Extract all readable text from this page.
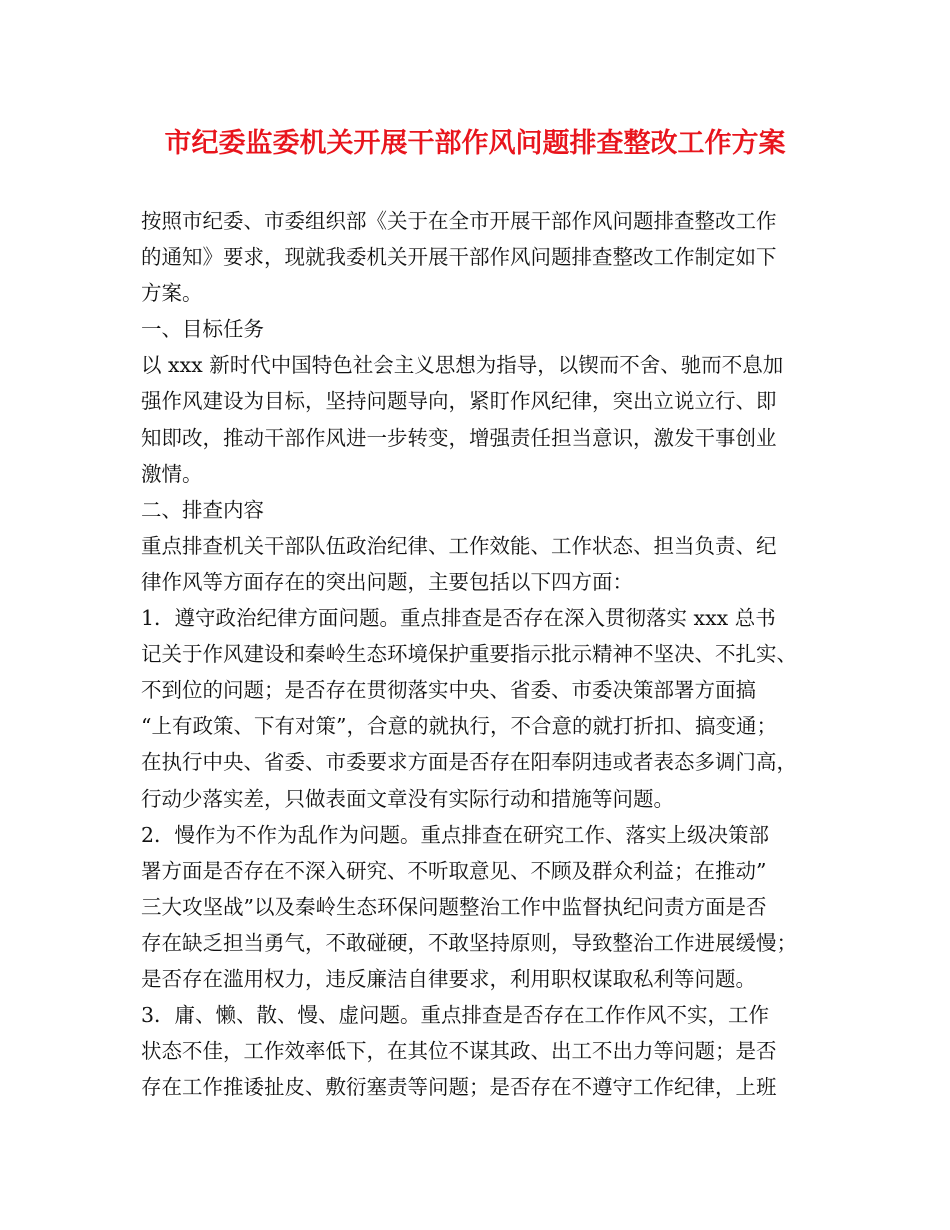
市纪委监委机关开展干部作风问题排查整改工作方案
按照市纪委、市委组织部《关于在全市开展干部作风问题排查整改工作
的通知》要求，现就我委机关开展干部作风问题排查整改工作制定如下
方案。
一、目标任务
以 xxx 新时代中国特色社会主义思想为指导，以锲而不舍、驰而不息加
强作风建设为目标，坚持问题导向，紧盯作风纪律，突出立说立行、即
知即改，推动干部作风进一步转变，增强责任担当意识，激发干事创业
激情。
二、排查内容
重点排查机关干部队伍政治纪律、工作效能、工作状态、担当负责、纪
律作风等方面存在的突出问题，主要包括以下四方面：
1．遵守政治纪律方面问题。重点排查是否存在深入贯彻落实 xxx 总书
记关于作风建设和秦岭生态环境保护重要指示批示精神不坚决、不扎实、
不到位的问题；是否存在贯彻落实中央、省委、市委决策部署方面搞
“上有政策、下有对策”，合意的就执行，不合意的就打折扣、搞变通；
在执行中央、省委、市委要求方面是否存在阳奉阴违或者表态多调门高，
行动少落实差，只做表面文章没有实际行动和措施等问题。
2．慢作为不作为乱作为问题。重点排查在研究工作、落实上级决策部
署方面是否存在不深入研究、不听取意见、不顾及群众利益；在推动”
三大攻坚战”以及秦岭生态环保问题整治工作中监督执纪问责方面是否
存在缺乏担当勇气，不敢碰硬，不敢坚持原则，导致整治工作进展缓慢；
是否存在滥用权力，违反廉洁自律要求，利用职权谋取私利等问题。
3．庸、懒、散、慢、虚问题。重点排查是否存在工作作风不实，工作
状态不佳，工作效率低下，在其位不谋其政、出工不出力等问题；是否
存在工作推诿扯皮、敷衍塞责等问题；是否存在不遵守工作纪律，上班
